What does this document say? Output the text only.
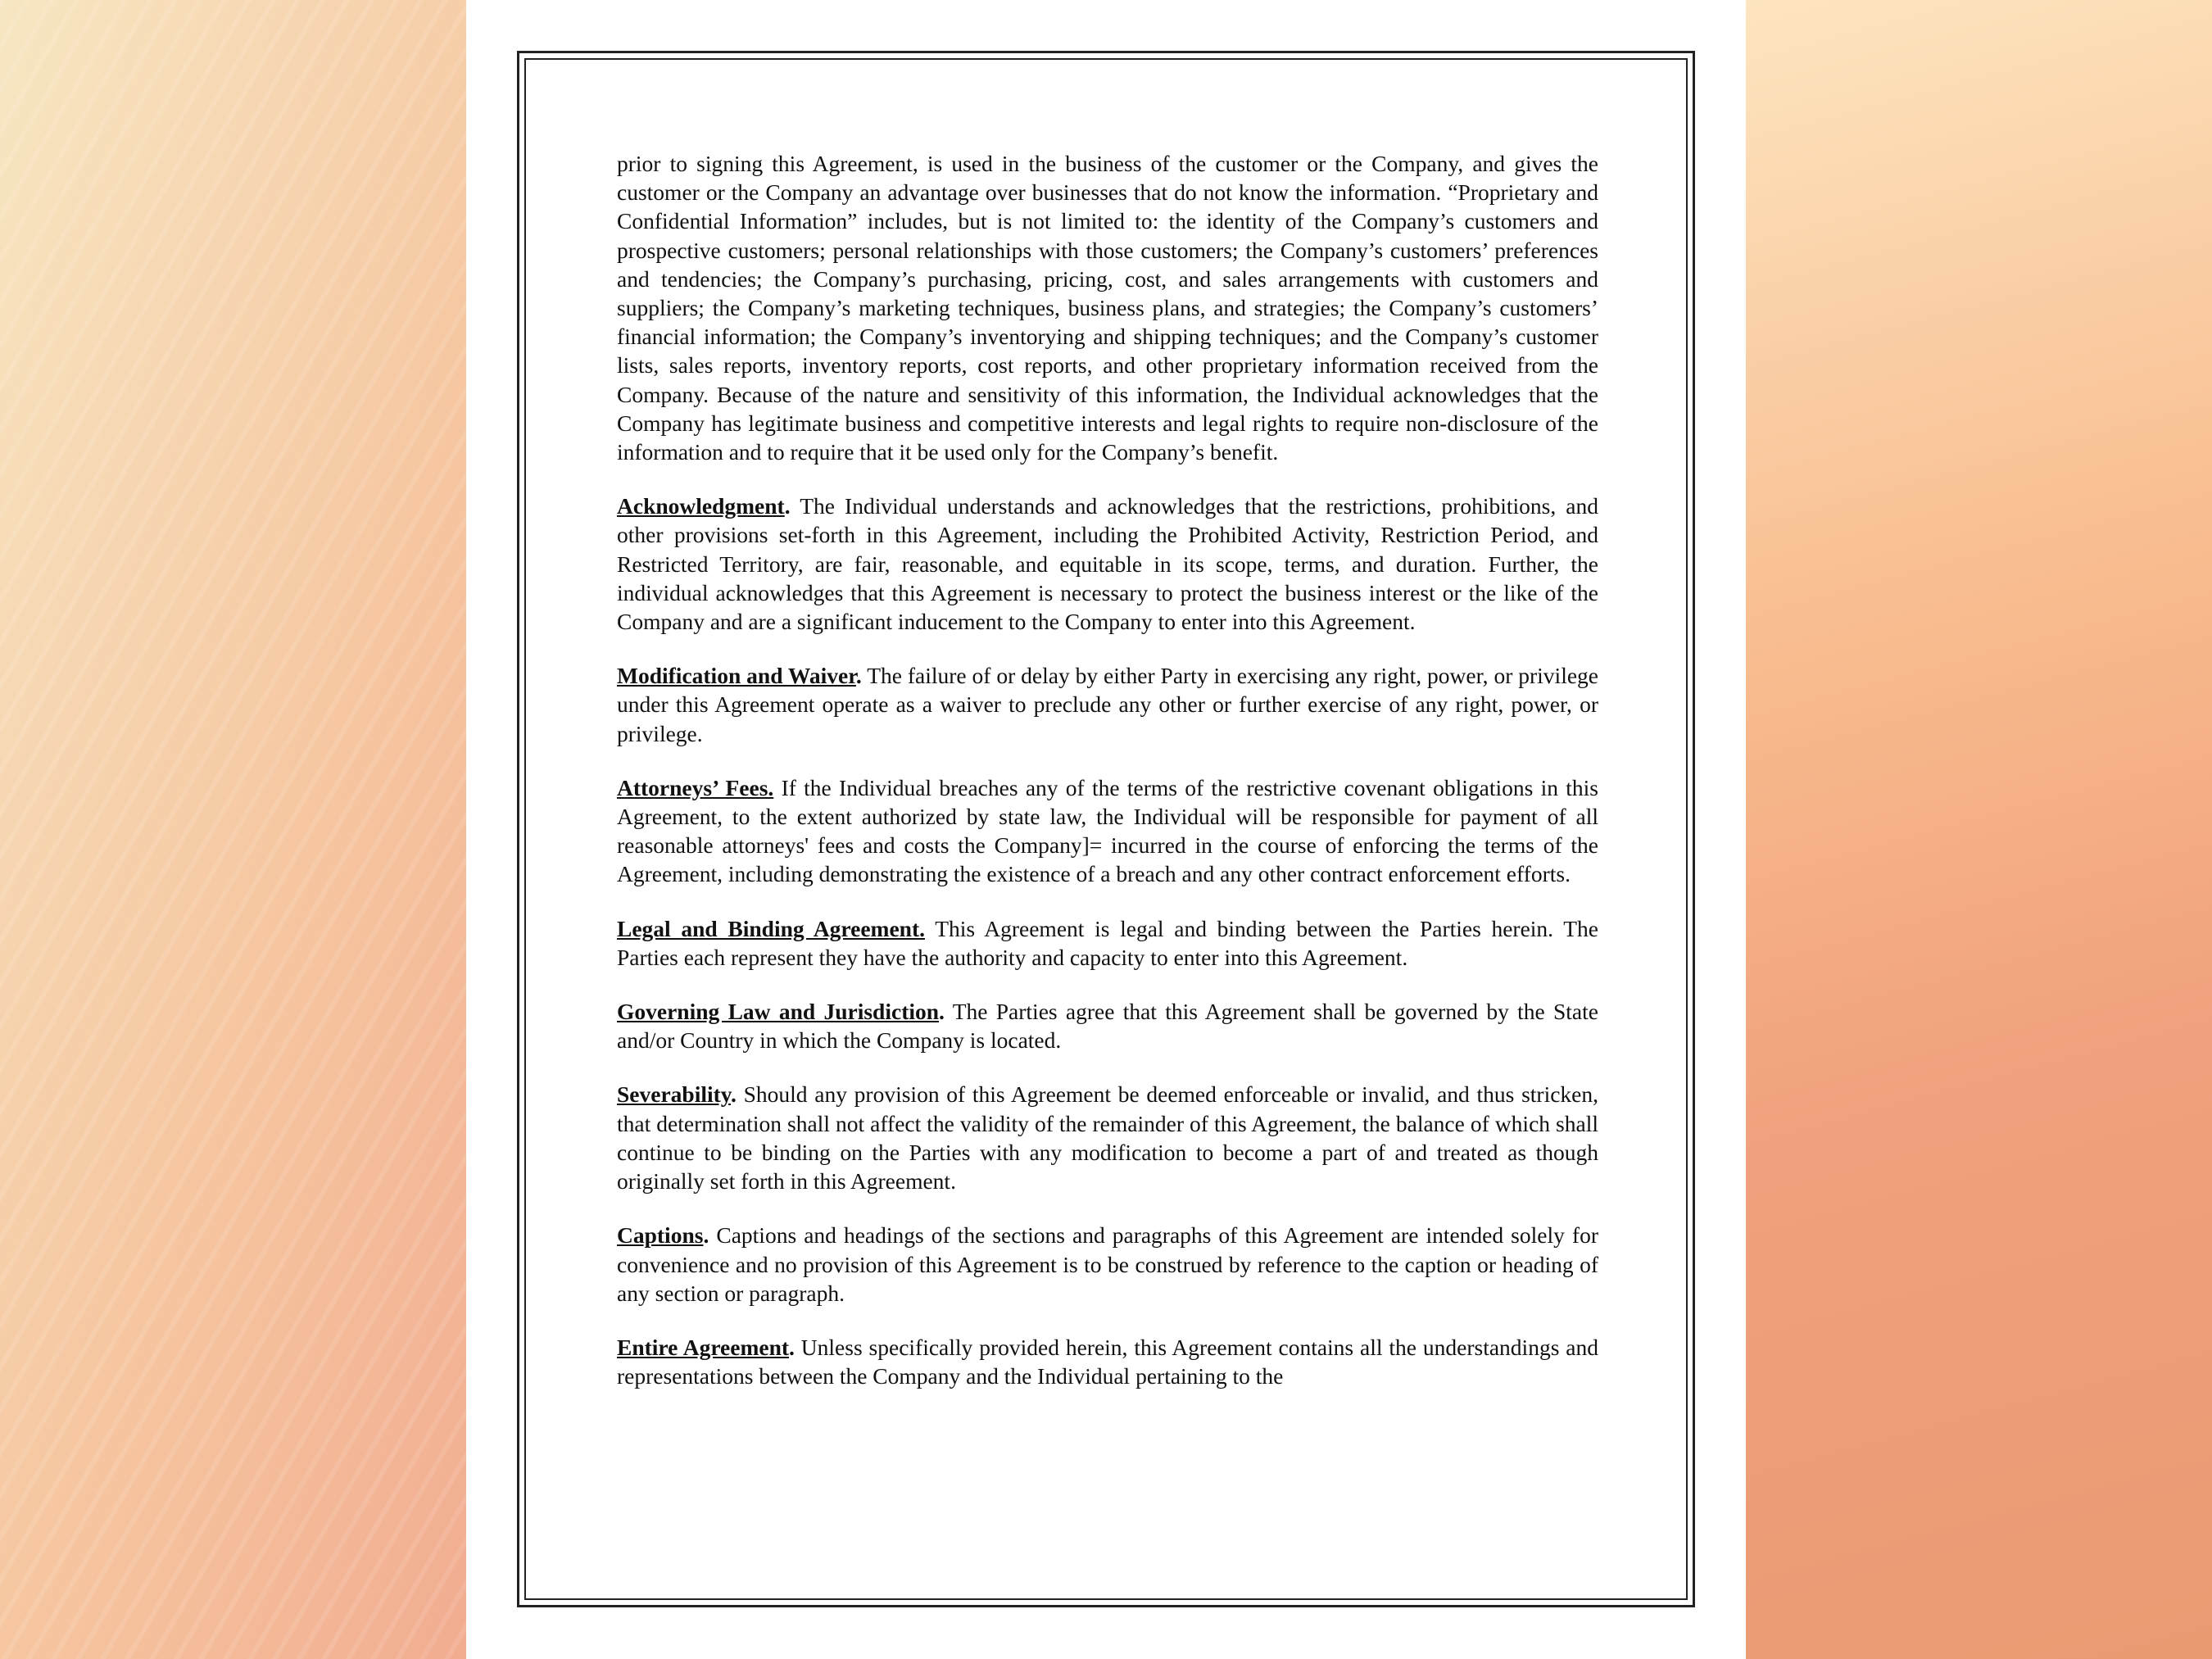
prior to signing this Agreement, is used in the business of the customer or the Company, and gives the customer or the Company an advantage over businesses that do not know the information. “Proprietary and Confidential Information” includes, but is not limited to: the identity of the Company’s customers and prospective customers; personal relationships with those customers; the Company’s customers’ preferences and tendencies; the Company’s purchasing, pricing, cost, and sales arrangements with customers and suppliers; the Company’s marketing techniques, business plans, and strategies; the Company’s customers’ financial information; the Company’s inventorying and shipping techniques; and the Company’s customer lists, sales reports, inventory reports, cost reports, and other proprietary information received from the Company. Because of the nature and sensitivity of this information, the Individual acknowledges that the Company has legitimate business and competitive interests and legal rights to require non-disclosure of the information and to require that it be used only for the Company’s benefit.

Acknowledgment. The Individual understands and acknowledges that the restrictions, prohibitions, and other provisions set-forth in this Agreement, including the Prohibited Activity, Restriction Period, and Restricted Territory, are fair, reasonable, and equitable in its scope, terms, and duration. Further, the individual acknowledges that this Agreement is necessary to protect the business interest or the like of the Company and are a significant inducement to the Company to enter into this Agreement.

Modification and Waiver. The failure of or delay by either Party in exercising any right, power, or privilege under this Agreement operate as a waiver to preclude any other or further exercise of any right, power, or privilege.

Attorneys’ Fees. If the Individual breaches any of the terms of the restrictive covenant obligations in this Agreement, to the extent authorized by state law, the Individual will be responsible for payment of all reasonable attorneys' fees and costs the Company]= incurred in the course of enforcing the terms of the Agreement, including demonstrating the existence of a breach and any other contract enforcement efforts.

Legal and Binding Agreement. This Agreement is legal and binding between the Parties herein. The Parties each represent they have the authority and capacity to enter into this Agreement.

Governing Law and Jurisdiction. The Parties agree that this Agreement shall be governed by the State and/or Country in which the Company is located.

Severability. Should any provision of this Agreement be deemed enforceable or invalid, and thus stricken, that determination shall not affect the validity of the remainder of this Agreement, the balance of which shall continue to be binding on the Parties with any modification to become a part of and treated as though originally set forth in this Agreement.

Captions. Captions and headings of the sections and paragraphs of this Agreement are intended solely for convenience and no provision of this Agreement is to be construed by reference to the caption or heading of any section or paragraph.

Entire Agreement. Unless specifically provided herein, this Agreement contains all the understandings and representations between the Company and the Individual pertaining to the
